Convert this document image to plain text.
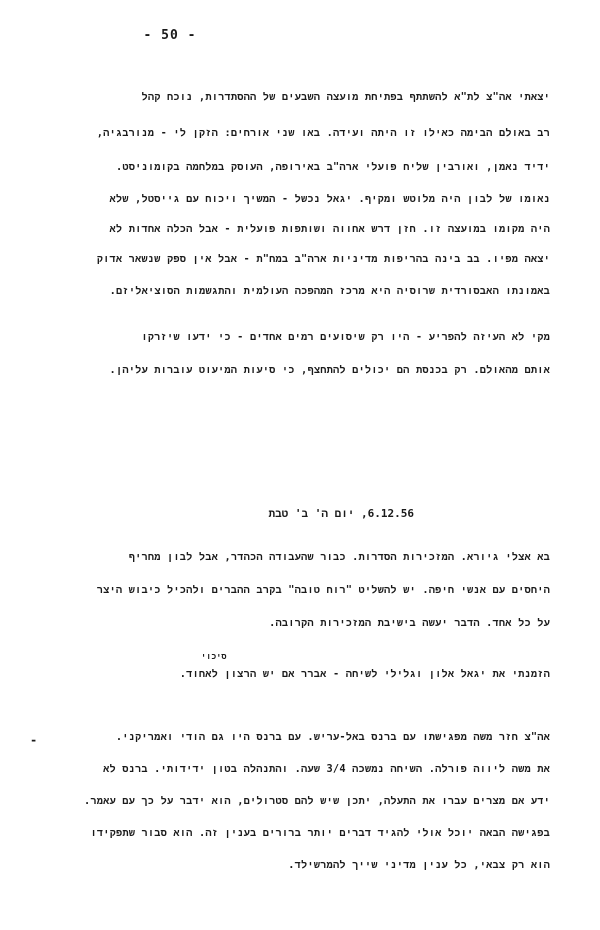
- 50 -
יצאתי אה"צ לת"א להשתתף בפתיחת מועצה השבעים של ההסתדרות, נוכח קהל
רב באולם הבימה כאילו זו היתה ועידה. באו שני אורחים: הזקן לי - מנורבגיה,
ידיד נאמן, ואורבין שליח פועלי ארה"ב באירופה, העוסק במלחמה בקומוניסט.
נאומו של לבון היה מלוטש ומקיף. יגאל נכשל - המשיך ויכוח עם גייסטל, שלא
היה מקומו במועצה זו. חזן דרש אחווה ושותפות פועלית - אבל הכלה אחדות לא
יצאה מפיו. בב בינה בהריפות מדיניות ארה"ב במח"ת - אבל אין ספק שנשאר אדוק
באמונתו האבסורדית שרוסיה היא מרכז המהפכה העולמית והתגשמות הסוציאליזם.
מקי לא העיזה להפריע - היו רק שיסועים רמים אחדים - כי ידעו שיזרקו
אותם מהאולם. רק בכנסת הם יכולים להתחצף, כי סיעות המיעוט עוברות עליהן.
6.12.56, יום ה' ב' טבת
בא אצלי גיורא. המזכירות הסדרות. כבור שהעבודה הכהדר, אבל לבון מחריף
היחסים עם אנשי חיפה. יש להשליט "רוח טובה" בקרב ההברים ולהכיל כיבוש היצר
על כל אחד. הדבר יעשה בישיבת המזכירות הקרובה.
סיכוי
הזמנתי את יגאל אלון וגלילי לשיחה - אברר אם יש הרצון לאחוד.
-	אה"צ חזר משה מפגישתו עם ברנס באל-עריש. עם ברנס היו גם הודי ואמריקני.
את משה ליווה פורלה. השיחה נמשכה 3/4 שעה. והתנהלה בטון ידידותי. ברנס לא
ידע אם מצרים עברו את התעלה, יתכן שיש להם סטרולים, הוא ידבר על כך עם עאמר.
בפגישה הבאה יוכל אולי להגיד דברים יותר ברורים בענין זה. הוא סבור שתפקידו
הוא רק צבאי, כל ענין מדיני שייך להמרשילד.
